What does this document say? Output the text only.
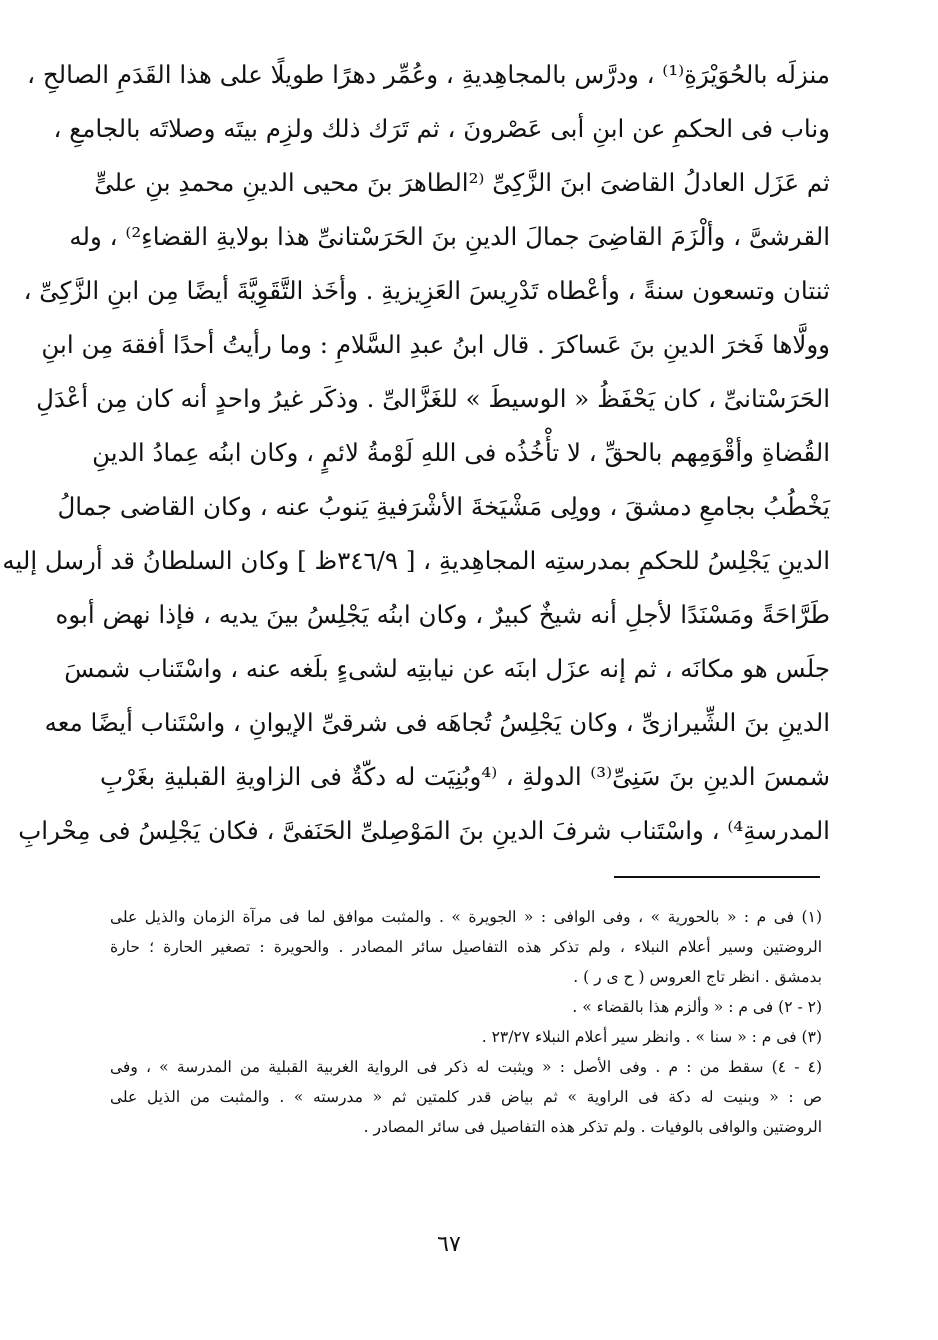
منزلَه بالحُوَيْرَةِ⁽¹⁾ ، ودرَّس بالمجاهِديةِ ، وعُمِّر دهرًا طويلًا على هذا القَدَمِ الصالحِ ،
وناب فى الحكمِ عن ابنِ أبى عَصْرونَ ، ثم تَرَك ذلك ولزِم بيتَه وصلاتَه بالجامعِ ،
ثم عَزَل العادلُ القاضىَ ابنَ الزَّكِىِّ ⁽²الطاهرَ بنَ محيى الدينِ محمدِ بنِ علىٍّ
القرشىَّ ، وألْزَمَ القاضِىَ جمالَ الدينِ بنَ الحَرَسْتانىِّ هذا بولايةِ القضاءِ²⁾ ، وله
ثنتان وتسعون سنةً ، وأعْطاه تَدْرِيسَ العَزِيزيةِ . وأخَذ التَّقَوِيَّةَ أيضًا مِن ابنِ الزَّكِىِّ ،
وولَّاها فَخرَ الدينِ بنَ عَساكرَ . قال ابنُ عبدِ السَّلامِ : وما رأيتُ أحدًا أفقهَ مِن ابنِ
الحَرَسْتانىِّ ، كان يَحْفَظُ « الوسيطَ » للغَزَّالىِّ . وذكَر غيرُ واحدٍ أنه كان مِن أعْدَلِ
القُضاةِ وأقْوَمِهم بالحقِّ ، لا تأْخُذُه فى اللهِ لَوْمةُ لائمٍ ، وكان ابنُه عِمادُ الدينِ
يَخْطُبُ بجامعِ دمشقَ ، وولِى مَشْيَخةَ الأشْرَفيةِ يَنوبُ عنه ، وكان القاضى جمالُ
الدينِ يَجْلِسُ للحكمِ بمدرستِه المجاهِديةِ ، [ ٣٤٦/٩ظ ] وكان السلطانُ قد أرسل إليه
طَرَّاحَةً ومَسْنَدًا لأجلِ أنه شيخٌ كبيرٌ ، وكان ابنُه يَجْلِسُ بينَ يديه ، فإذا نهض أبوه
جلَس هو مكانَه ، ثم إنه عزَل ابنَه عن نيابتِه لشىءٍ بلَغه عنه ، واسْتَناب شمسَ
الدينِ بنَ الشِّيرازىِّ ، وكان يَجْلِسُ تُجاهَه فى شرقىِّ الإيوانِ ، واسْتَناب أيضًا معه
شمسَ الدينِ بنَ سَنِىِّ⁽³⁾ الدولةِ ، ⁽⁴وبُنِيَت له دكّةٌ فى الزاويةِ القبليةِ بغَرْبِ
المدرسةِ⁴⁾ ، واسْتَناب شرفَ الدينِ بنَ المَوْصِلىِّ الحَنَفىَّ ، فكان يَجْلِسُ فى مِحْرابِ
(١) فى م : « بالحورية » ، وفى الوافى : « الجويرة » . والمثبت موافق لما فى مرآة الزمان والذيل على
الروضتين وسير أعلام النبلاء ، ولم تذكر هذه التفاصيل سائر المصادر . والحويرة : تصغير الحارة ؛ حارة
بدمشق . انظر تاج العروس ( ح ى ر ) .
(٢ - ٢) فى م : « وألزم هذا بالقضاء » .
(٣) فى م : « سنا » . وانظر سير أعلام النبلاء ٢٣/٢٧ .
(٤ - ٤) سقط من : م . وفى الأصل : « ويثبت له ذكر فى الرواية الغربية القبلية من المدرسة » ، وفى
ص : « وبنيت له دكة فى الراوية » ثم بياض قدر كلمتين ثم « مدرسته » . والمثبت من الذيل على
الروضتين والوافى بالوفيات . ولم تذكر هذه التفاصيل فى سائر المصادر .
٦٧
